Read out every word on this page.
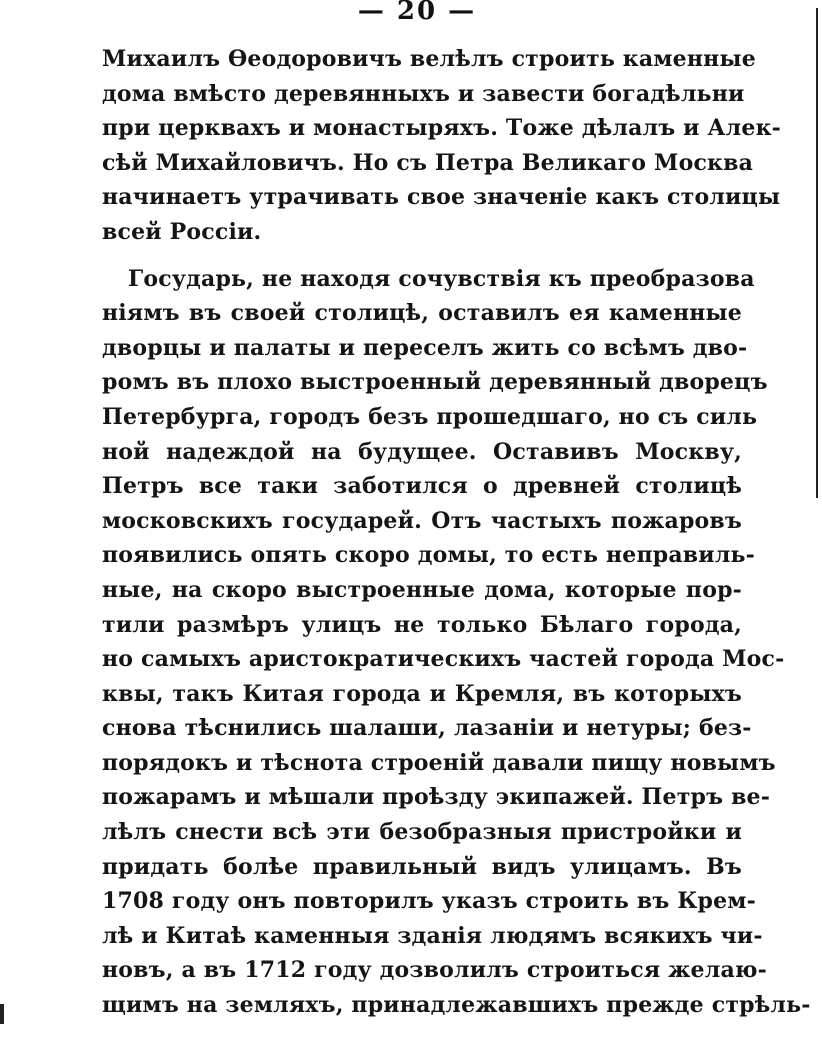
— 20 —
Михаилъ Ѳеодоровичъ велѣлъ строить каменные
дома вмѣсто деревянныхъ и завести богадѣльни
при церквахъ и монастыряхъ. Тоже дѣлалъ и Алек-
сѣй Михайловичъ. Но съ Петра Великаго Москва
начинаетъ утрачивать свое значеніе какъ столицы
всей Россіи.
Государь, не находя сочувствія къ преобразова
ніямъ въ своей столицѣ, оставилъ ея каменные
дворцы и палаты и переселъ жить со всѣмъ дво-
ромъ въ плохо выстроенный деревянный дворецъ
Петербурга, городъ безъ прошедшаго, но съ силь
ной надеждой на будущее. Оставивъ Москву,
Петръ все таки заботился о древней столицѣ
московскихъ государей. Отъ частыхъ пожаровъ
появились опять скоро домы, то есть неправиль-
ные, на скоро выстроенные дома, которые пор-
тили размѣръ улицъ не только Бѣлаго города,
но самыхъ аристократическихъ частей города Мос-
квы, такъ Китая города и Кремля, въ которыхъ
снова тѣснились шалаши, лазаніи и нетуры; без-
порядокъ и тѣснота строеній давали пищу новымъ
пожарамъ и мѣшали проѣзду экипажей. Петръ ве-
лѣлъ снести всѣ эти безобразныя пристройки и
придать болѣе правильный видъ улицамъ. Въ
1708 году онъ повторилъ указъ строить въ Крем-
лѣ и Китаѣ каменныя зданія людямъ всякихъ чи-
новъ, а въ 1712 году дозволилъ строиться желаю-
щимъ на земляхъ, принадлежавшихъ прежде стрѣль-
